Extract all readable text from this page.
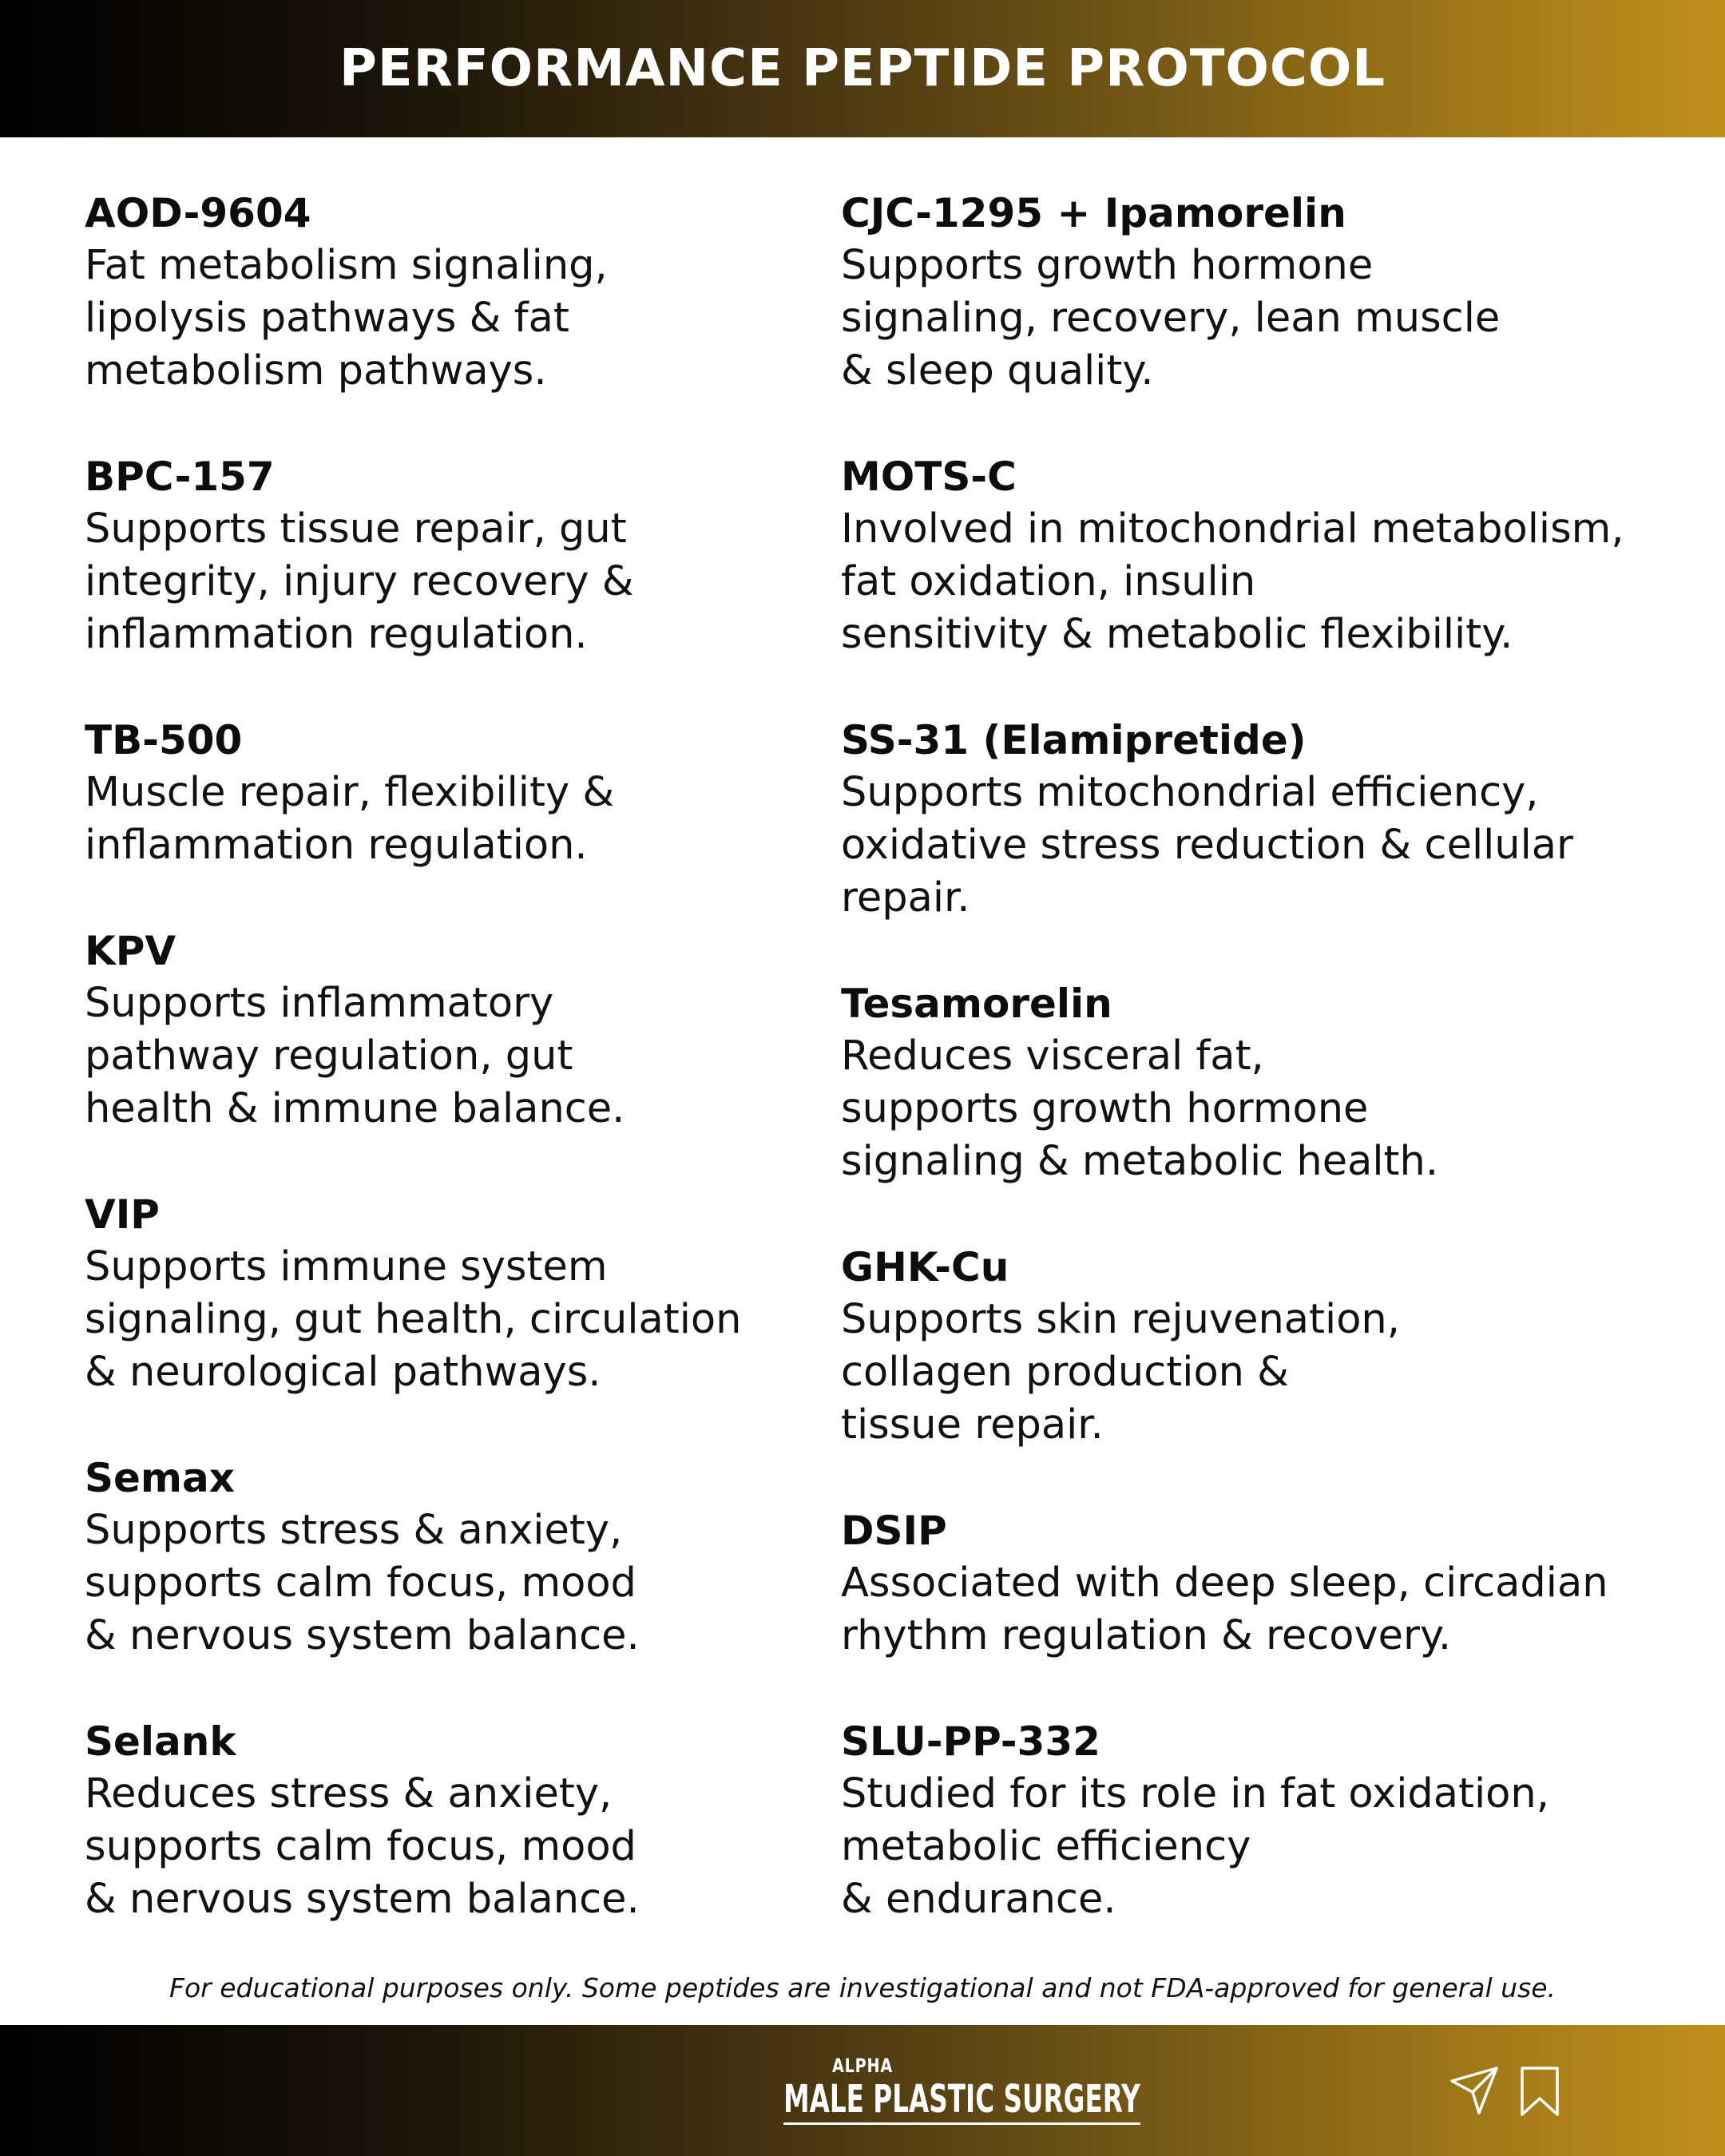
PERFORMANCE PEPTIDE PROTOCOL
AOD-9604
Fat metabolism signaling,
lipolysis pathways & fat
metabolism pathways.
BPC-157
Supports tissue repair, gut
integrity, injury recovery &
inflammation regulation.
TB-500
Muscle repair, flexibility &
inflammation regulation.
KPV
Supports inflammatory
pathway regulation, gut
health & immune balance.
VIP
Supports immune system
signaling, gut health, circulation
& neurological pathways.
Semax
Supports stress & anxiety,
supports calm focus, mood
& nervous system balance.
Selank
Reduces stress & anxiety,
supports calm focus, mood
& nervous system balance.
CJC-1295 + Ipamorelin
Supports growth hormone
signaling, recovery, lean muscle
& sleep quality.
MOTS-C
Involved in mitochondrial metabolism,
fat oxidation, insulin
sensitivity & metabolic flexibility.
SS-31 (Elamipretide)
Supports mitochondrial efficiency,
oxidative stress reduction & cellular
repair.
Tesamorelin
Reduces visceral fat,
supports growth hormone
signaling & metabolic health.
GHK-Cu
Supports skin rejuvenation,
collagen production &
tissue repair.
DSIP
Associated with deep sleep, circadian
rhythm regulation & recovery.
SLU-PP-332
Studied for its role in fat oxidation,
metabolic efficiency
& endurance.
For educational purposes only. Some peptides are investigational and not FDA-approved for general use.
ALPHA
MALE PLASTIC SURGERY
